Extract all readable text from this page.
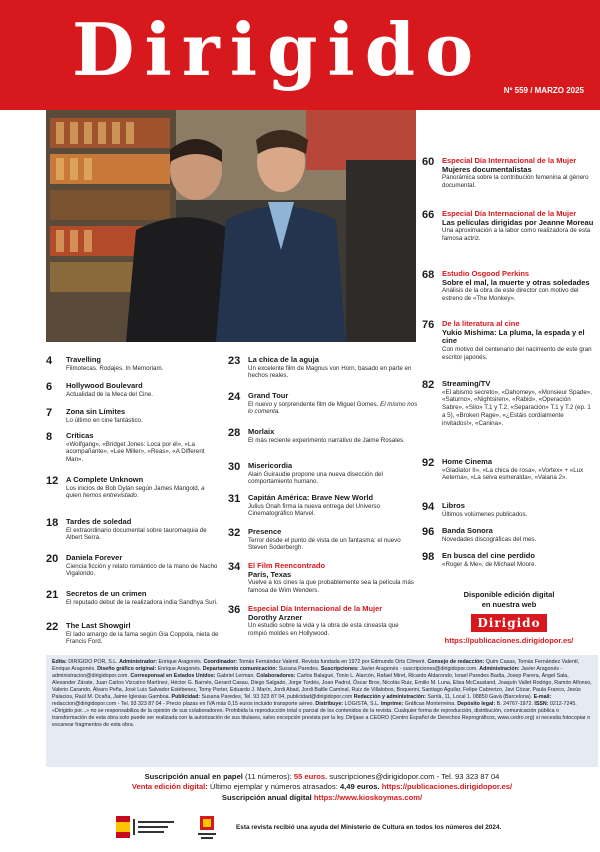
Dirigido	Nº 559 / MARZO 2025
4 Travelling
Filmotecas. Rodajes. In Memoriam.
6 Hollywood Boulevard
Actualidad de la Meca del Cine.
7 Zona sin Límites
Lo último en cine fantástico.
8 Críticas
«Wolfgang», «Bridget Jones: Loca por él», «La acompañante», «Lee Miller», «Reas», «A Different Man».
12 A Complete Unknown
Los inicios de Bob Dylan según James Mangold, a quien hemos entrevistado.
18 Tardes de soledad
El extraordinario documental sobre tauromaquia de Albert Serra.
20 Daniela Forever
Ciencia ficción y relato romántico de la mano de Nacho Vigalondo.
21 Secretos de un crimen
El reputado debut de la realizadora india Sandhya Suri.
22 The Last Showgirl
El lado amargo de la fama según Gia Coppola, nieta de Francis Ford.
23 La chica de la aguja
Un excelente film de Magnus von Horn, basado en parte en hechos reales.
24 Grand Tour
El nuevo y sorprendente film de Miguel Gomes. El mismo nos lo comenta.
28 Morlaix
El más reciente experimento narrativo de Jaime Rosales.
30 Misericordia
Alain Guiraudie propone una nueva disección del comportamiento humano.
31 Capitán América: Brave New World
Julius Onah firma la nueva entrega del Universo Cinematográfico Marvel.
32 Presence
Terror desde el punto de vista de un fantasma: el nuevo Steven Soderbergh.
34 El Film Reencontrado
París, Texas
Vuelve a los cines la que probablemente sea la película más famosa de Wim Wenders.
36 Especial Día Internacional de la Mujer
Dorothy Arzner
Un estudio sobre la vida y la obra de esta cineasta que rompió moldes en Hollywood.
60 Especial Día Internacional de la Mujer
Mujeres documentalistas
Panorámica sobre la contribución femenina al género documental.
66 Especial Día Internacional de la Mujer
Las películas dirigidas por Jeanne Moreau
Una aproximación a la labor como realizadora de esta famosa actriz.
68 Estudio Osgood Perkins
Sobre el mal, la muerte y otras soledades
Análisis de la obra de este director con motivo del estreno de «The Monkey».
76 De la literatura al cine
Yukio Mishima: La pluma, la espada y el cine
Con motivo del centenario del nacimiento de este gran escritor japonés.
82 Streaming/TV
«El abismo secreto», «Dahomey», «Monsieur Spade», «Saturno», «Nightsiren», «Rabid», «Operación Sabre», «Silo» T.1 y T.2, «Separación» T.1 y T.2 (ep. 1 a 5), «Broken Rage», «¿Estáis cordialmente invitados!», «Canina».
92 Home Cinema
«Gladiator II», «La chica de rosa», «Vortex» + «Lux Aeterna», «La selva esmeralda», «Vaiana 2».
94 Libros
Últimos volúmenes publicados.
96 Banda Sonora
Novedades discográficas del mes.
98 En busca del cine perdido
«Roger & Me», de Michael Moore.
Disponible edición digital
en nuestra web
Dirigido
https://publicaciones.dirigidopor.es/
Edita: DIRIGIDO POR, S.L. Administrador: Enrique Aragonés. Coordinador: Tomás Fernández Valentí. Revista fundada en 1972 por Edmundo Orts Climent. Consejo de redacción: Quim Casas, Tomás Fernández Valentí, Enrique Aragonés. Diseño gráfico original: Enrique Aragonés. Departamento comunicación: Susana Paredes. Suscripciones: Javier Aragonés - suscripciones@dirigidopor.com. Administración: Javier Aragonés - administracion@dirigidopor.com. Corresponsal en Estados Unidos: Gabriel Lerman. Colaboradores: Carlos Balagué, Tonio L. Alarcón, Rafael Miret, Ricardo Aldarondo, Israel Paredes Badía, Josep Parera, Ángel Sala, Alexander Zárate, Juan Carlos Vizcaíno Martínez, Héctor G. Barnés, Gerard Casau, Diego Salgado, Jorge Tordés, Joan Padrol, Óscar Brox, Nicolás Ruiz, Emilio M. Luna, Elisa McCausland, Joaquín Vallet Rodrigo, Ramón Alfonso, Valerio Carando, Álvaro Peña, José Luis Salvador Estébenez, Tomy Porter, Eduardo J. Marín, Jordi Abad, Jordi Batlle Caminal, Ruiz de Villalobos, Boquerini, Santiago Aguilar, Felipe Cabrerizo, Javi Cózar, Paula Franco, Jesús Palacios, Raúl M. Ocaña, Jaime Iglesias Gamboa. Publicidad: Susana Paredes, Tel. 93 323 87 04, publicidad@dirigidopor.com Redacción y administración: Sarrià, 11, Local 1. 08850 Gavà (Barcelona). E-mail: redaccion@dirigidopor.com - Tel. 93 323 87 04 - Precio plazas en IVA más 0,15 euros incluido transporte aéreo. Distribuye: LOGISTA, S.L. Imprime: Gráficas Monterreina. Depósito legal: B. 24767-1972. ISSN: 0212-7245. «Dirigido por...» no se responsabiliza de la opinión de sus colaboradores. Prohibida la reproducción total o parcial de los contenidos de la revista. Cualquier forma de reproducción, distribución, comunicación pública o transformación de esta obra solo puede ser realizada con la autorización de sus titulares, salvo excepción prevista por la ley. Diríjase a CEDRO (Centro Español de Derechos Reprográficos, www.cedro.org) si necesita fotocopiar o escanear fragmentos de esta obra.
Suscripción anual en papel (11 números): 55 euros. suscripciones@dirigidopor.com - Tel. 93 323 87 04
Venta edición digital: Último ejemplar y números atrasados: 4,49 euros. https://publicaciones.dirigidopor.es/
Suscripción anual digital https://www.kioskoymas.com/
Esta revista recibió una ayuda del Ministerio de Cultura en todos los números del 2024.
